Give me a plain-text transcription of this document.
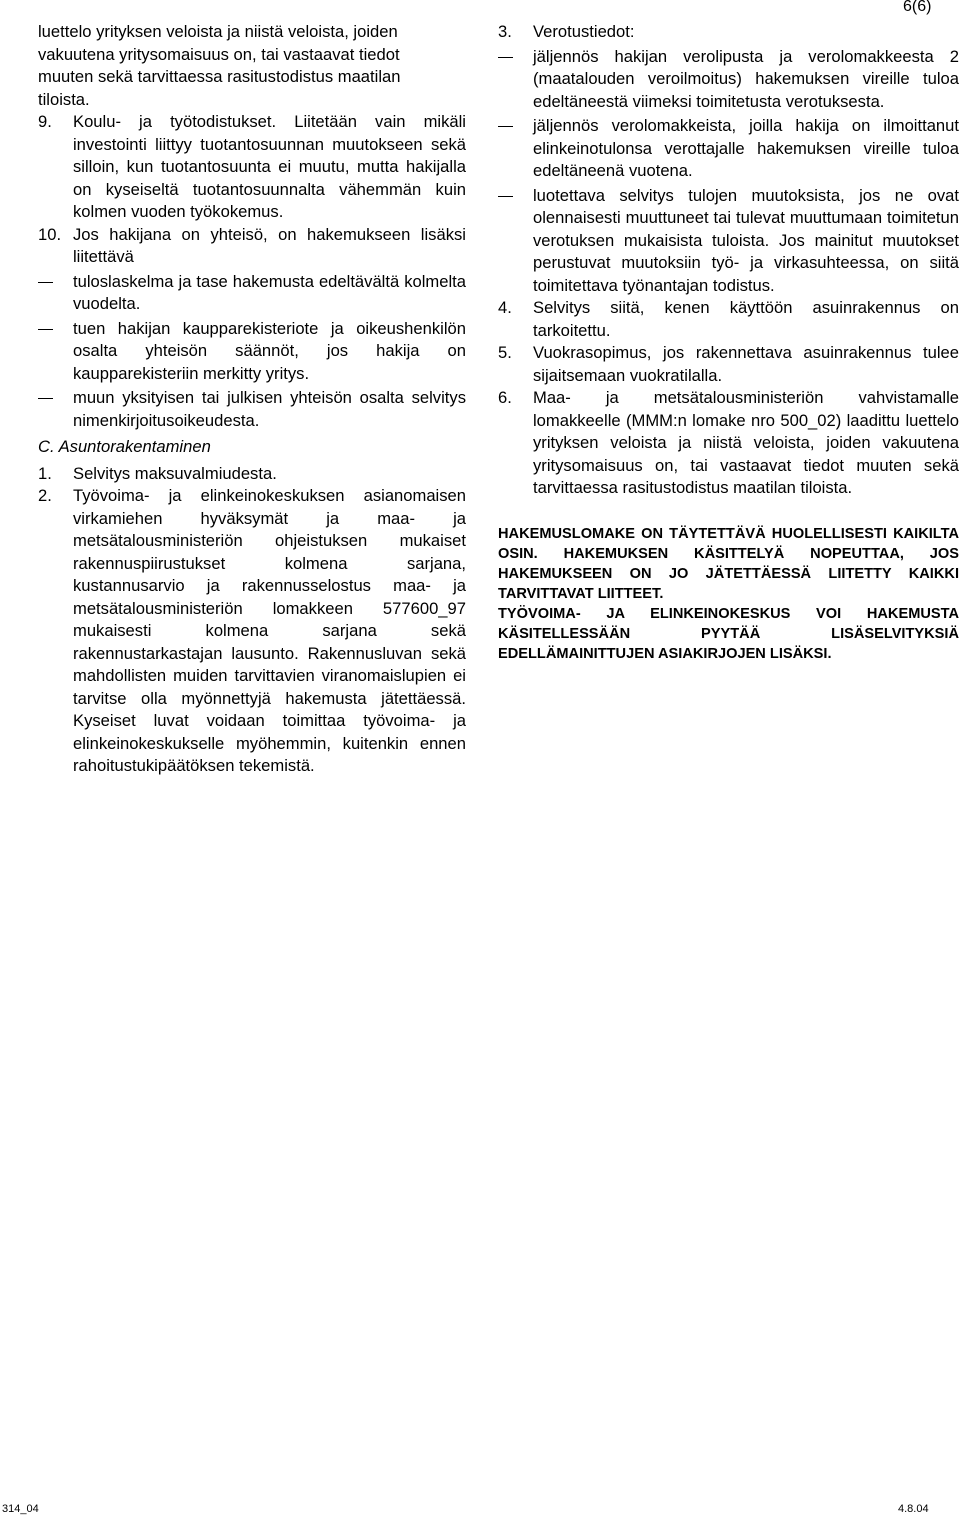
6(6)

luettelo yrityksen veloista ja niistä veloista, joiden

vakuutena yritysomaisuus on, tai vastaavat tiedot

muuten sekä tarvittaessa rasitustodistus maatilan

tiloista.

9.	Koulu- ja työtodistukset. Liitetään vain mikäli investointi liittyy tuotantosuunnan muutokseen sekä silloin, kun tuotantosuunta ei muutu, mutta hakijalla on kyseiseltä tuotantosuunnalta vähemmän kuin kolmen vuoden työkokemus.
10. Jos hakijana on yhteisö, on hakemukseen lisäksi liitettävä
tuloslaskelma ja tase hakemusta edeltävältä kolmelta vuodelta.
tuen hakijan kaupparekisteriote ja oikeushenkilön osalta yhteisön säännöt, jos hakija on kaupparekisteriin merkitty yritys.
muun yksityisen tai julkisen yhteisön osalta selvitys nimenkirjoitusoikeudesta.

C. Asuntorakentaminen

1.	Selvitys maksuvalmiudesta.
2.	Työvoima- ja elinkeinokeskuksen asianomaisen virkamiehen hyväksymät ja maa- ja metsätalousministeriön ohjeistuksen mukaiset rakennuspiirustukset kolmena sarjana, kustannusarvio ja rakennusselostus maa- ja metsätalousministeriön lomakkeen 577600_97 mukaisesti kolmena sarjana sekä rakennustarkastajan lausunto. Rakennusluvan sekä mahdollisten muiden tarvittavien viranomaislupien ei tarvitse olla myönnettyjä hakemusta jätettäessä. Kyseiset luvat voidaan toimittaa työvoima- ja elinkeinokeskukselle myöhemmin, kuitenkin ennen rahoitustukipäätöksen tekemistä.
3.	Verotustiedot:
jäljennös hakijan verolipusta ja verolomakkeesta 2 (maatalouden veroilmoitus) hakemuksen vireille tuloa edeltäneestä viimeksi toimitetusta verotuksesta.
jäljennös verolomakkeista, joilla hakija on ilmoittanut elinkeinotulonsa verottajalle hakemuksen vireille tuloa edeltäneenä vuotena.
luotettava selvitys tulojen muutoksista, jos ne ovat olennaisesti muuttuneet tai tulevat muuttumaan toimitetun verotuksen mukaisista tuloista. Jos mainitut muutokset perustuvat muutoksiin työ- ja virkasuhteessa, on siitä toimitettava työnantajan todistus.
4.	Selvitys siitä, kenen käyttöön asuinrakennus on tarkoitettu.
5.	Vuokrasopimus, jos rakennettava asuinrakennus tulee sijaitsemaan vuokratilalla.
6.	Maa- ja metsätalousministeriön vahvistamalle lomakkeelle (MMM:n lomake nro 500_02) laadittu luettelo yrityksen veloista ja niistä veloista, joiden vakuutena yritysomaisuus on, tai vastaavat tiedot muuten sekä tarvittaessa rasitustodistus maatilan tiloista.

HAKEMUSLOMAKE ON TÄYTETTÄVÄ HUOLELLISESTI KAIKILTA OSIN. HAKEMUKSEN KÄSITTELYÄ NOPEUTTAA, JOS HAKEMUKSEEN ON JO JÄTETTÄESSÄ LIITETTY KAIKKI TARVITTAVAT LIITTEET.

TYÖVOIMA- JA ELINKEINOKESKUS VOI HAKEMUSTA KÄSITELLESSÄÄN PYYTÄÄ LISÄSELVITYKSIÄ EDELLÄMAINITTUJEN ASIAKIRJOJEN LISÄKSI.

314_04	4.8.04
